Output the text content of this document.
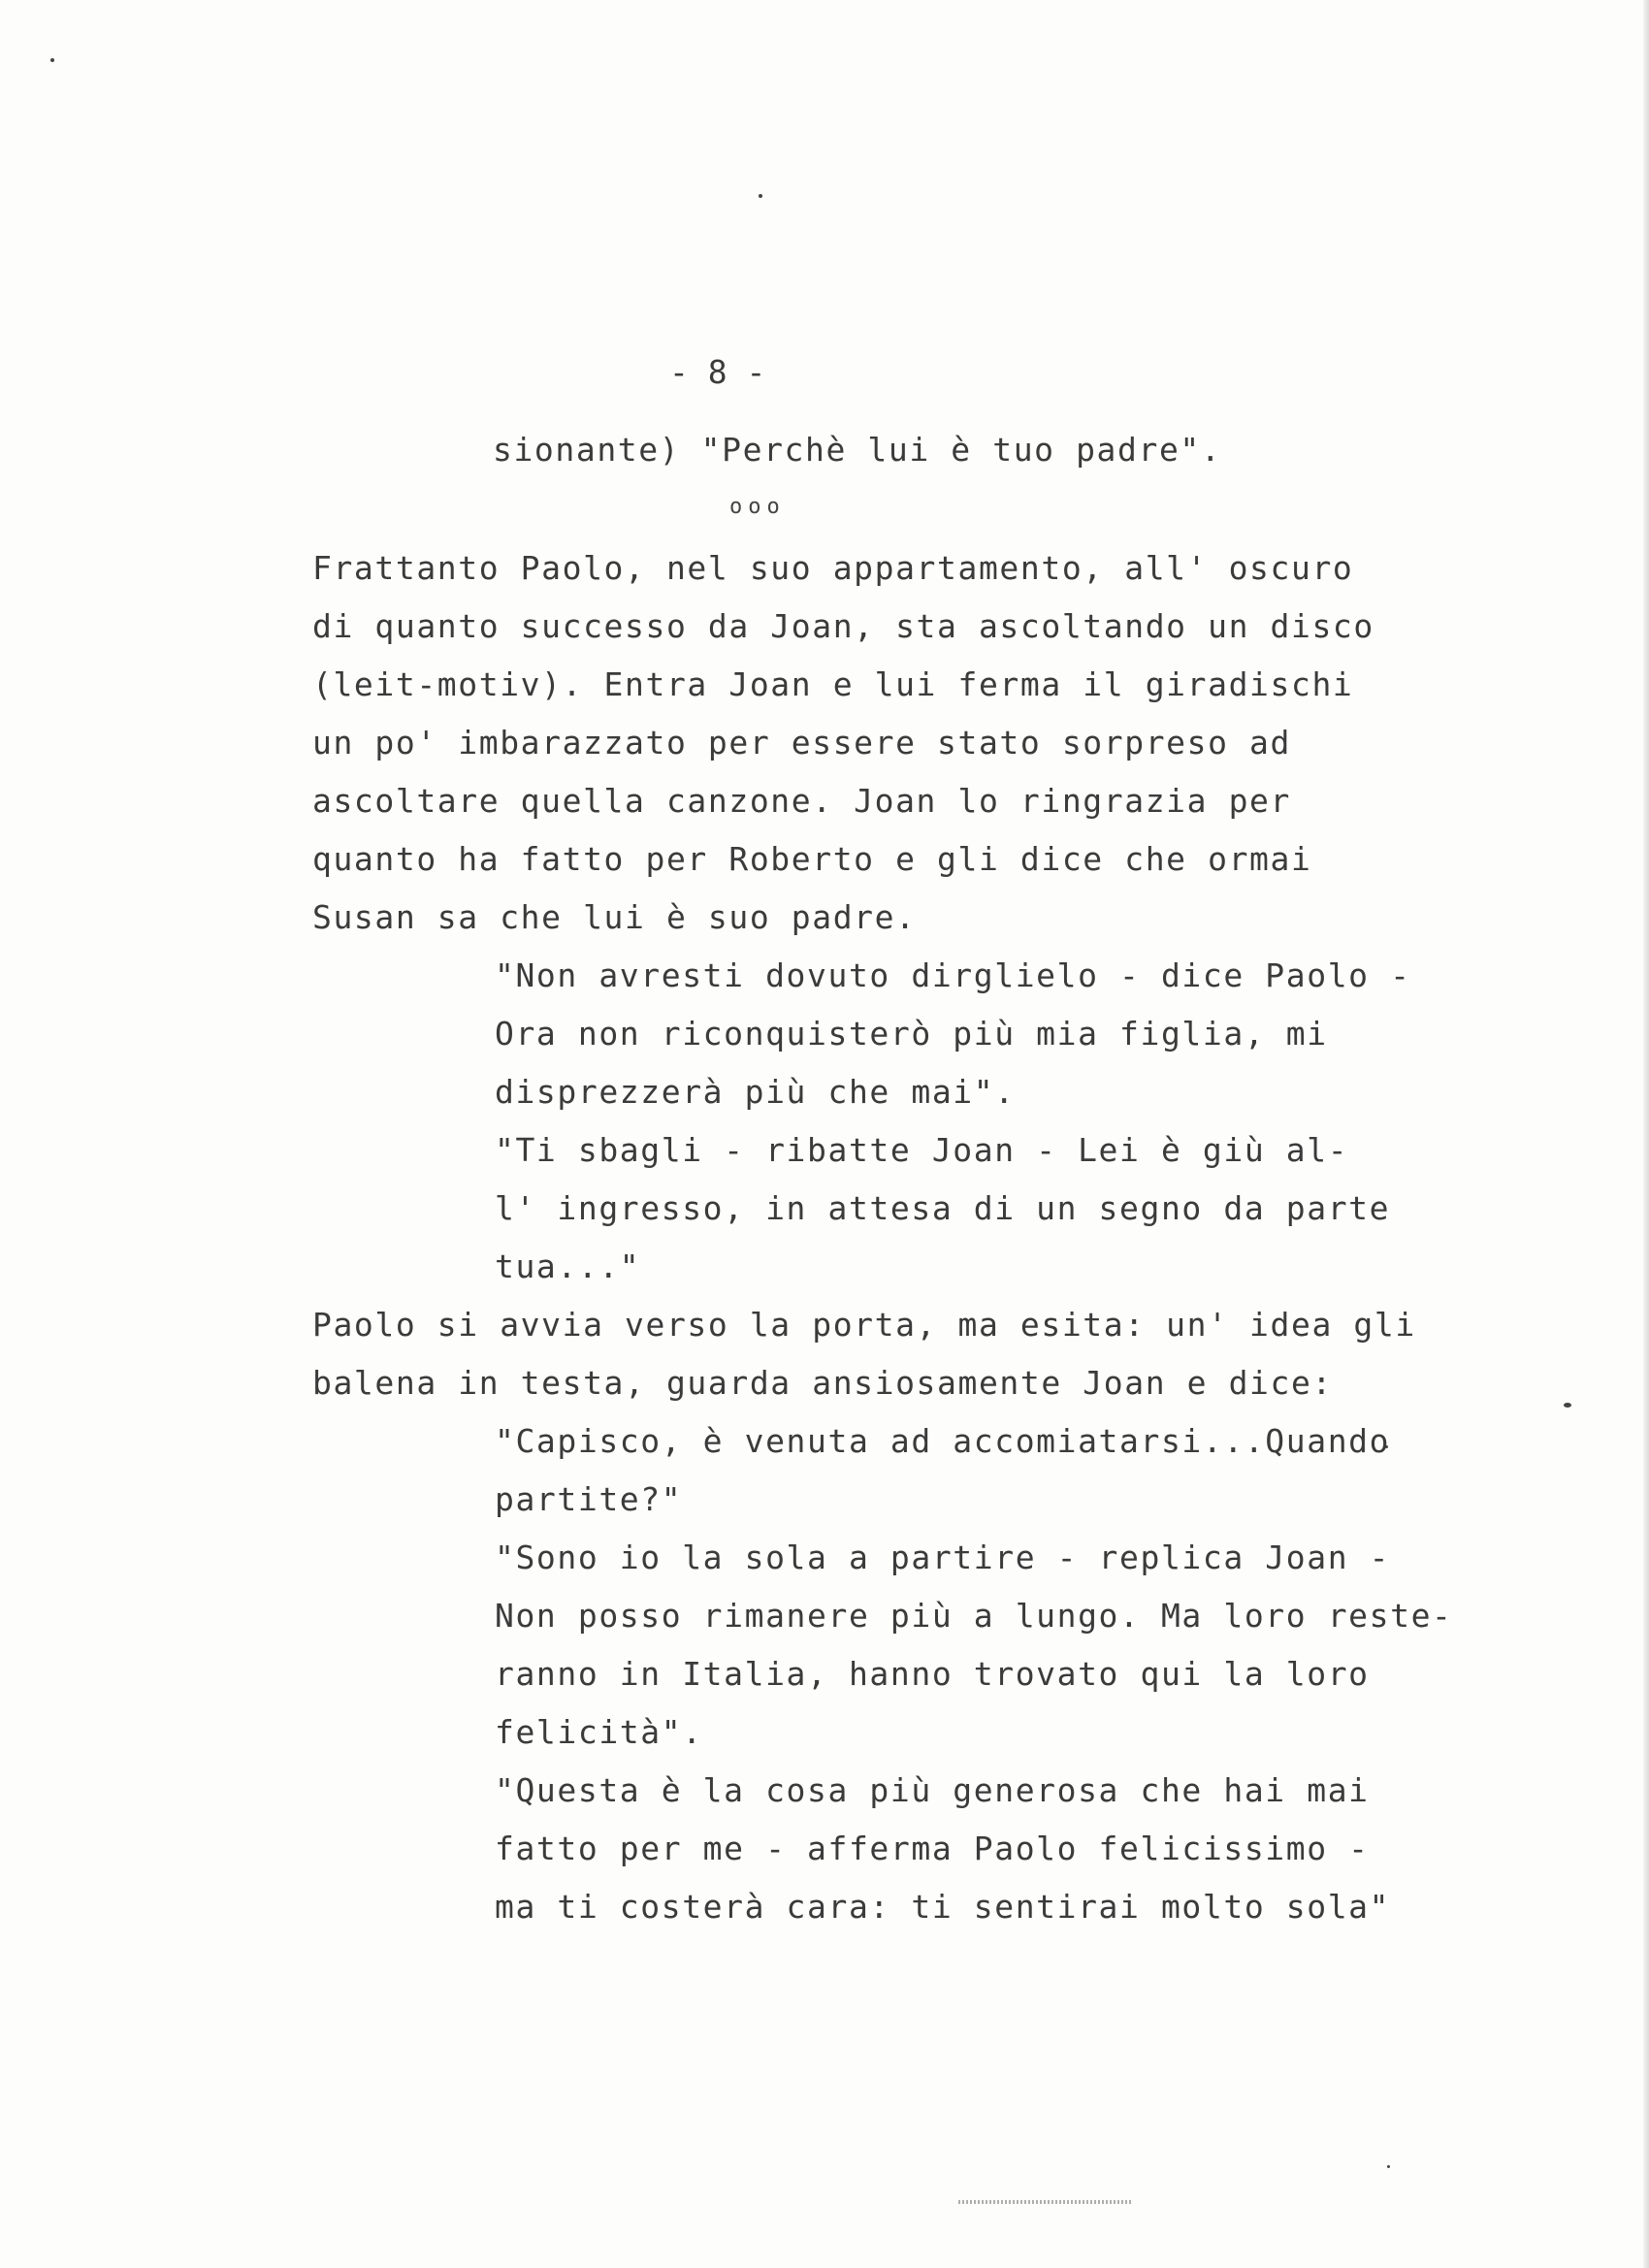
- 8 -
sionante) "Perchè lui è tuo padre".
ooo
Frattanto Paolo, nel suo appartamento, all' oscuro
di quanto successo da Joan, sta ascoltando un disco
(leit-motiv). Entra Joan e lui ferma il giradischi
un po' imbarazzato per essere stato sorpreso ad
ascoltare quella canzone. Joan lo ringrazia per
quanto ha fatto per Roberto e gli dice che ormai
Susan sa che lui è suo padre.
"Non avresti dovuto dirglielo - dice Paolo -
Ora non riconquisterò più mia figlia, mi
disprezzerà più che mai".
"Ti sbagli - ribatte Joan - Lei è giù al-
l' ingresso, in attesa di un segno da parte
tua..."
Paolo si avvia verso la porta, ma esita: un' idea gli
balena in testa, guarda ansiosamente Joan e dice:
"Capisco, è venuta ad accomiatarsi...Quando
partite?"
"Sono io la sola a partire - replica Joan -
Non posso rimanere più a lungo. Ma loro reste-
ranno in Italia, hanno trovato qui la loro
felicità".
"Questa è la cosa più generosa che hai mai
fatto per me - afferma Paolo felicissimo -
ma ti costerà cara: ti sentirai molto sola"
